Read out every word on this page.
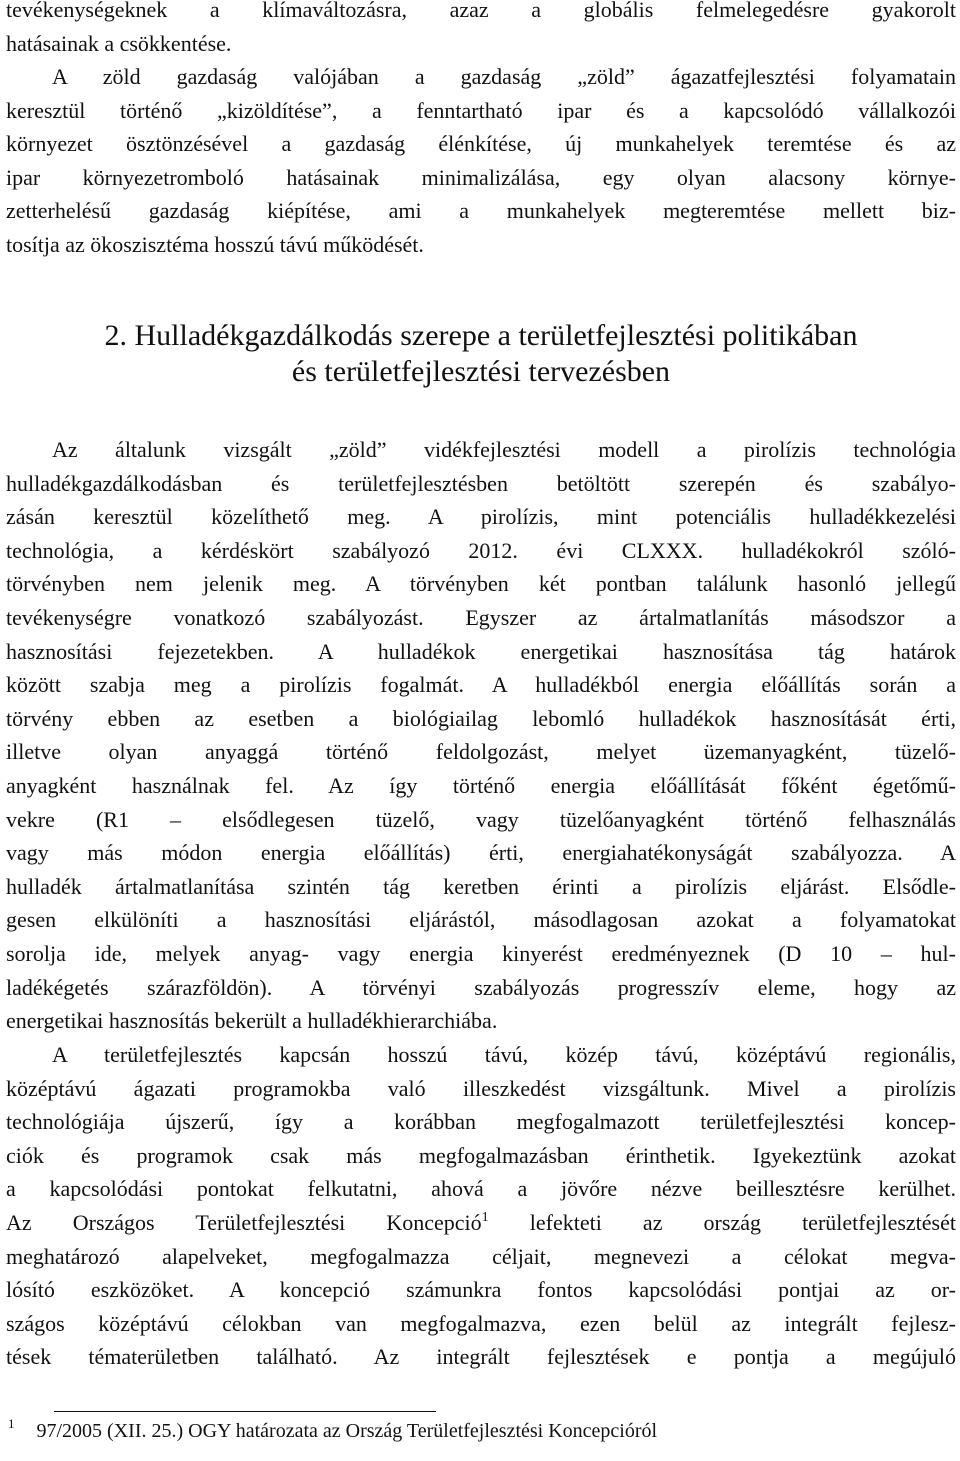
tevékenységeknek a klímaváltozásra, azaz a globális felmelegedésre gyakorolt
hatásainak a csökkentése.
A zöld gazdaság valójában a gazdaság „zöld” ágazatfejlesztési folyamatain
keresztül történő „kizöldítése”, a fenntartható ipar és a kapcsolódó vállalkozói
környezet ösztönzésével a gazdaság élénkítése, új munkahelyek teremtése és az
ipar környezetromboló hatásainak minimalizálása, egy olyan alacsony környe-
zetterhelésű gazdaság kiépítése, ami a munkahelyek megteremtése mellett biz-
tosítja az ökoszisztéma hosszú távú működését.
2. Hulladékgazdálkodás szerepe a területfejlesztési politikában
és területfejlesztési tervezésben
Az általunk vizsgált „zöld” vidékfejlesztési modell a pirolízis technológia
hulladékgazdálkodásban és területfejlesztésben betöltött szerepén és szabályo-
zásán keresztül közelíthető meg. A pirolízis, mint potenciális hulladékkezelési
technológia, a kérdéskört szabályozó 2012. évi CLXXX. hulladékokról szóló-
törvényben nem jelenik meg. A törvényben két pontban találunk hasonló jellegű
tevékenységre vonatkozó szabályozást. Egyszer az ártalmatlanítás másodszor a
hasznosítási fejezetekben. A hulladékok energetikai hasznosítása tág határok
között szabja meg a pirolízis fogalmát. A hulladékból energia előállítás során a
törvény ebben az esetben a biológiailag lebomló hulladékok hasznosítását érti,
illetve olyan anyaggá történő feldolgozást, melyet üzemanyagként, tüzelő-
anyagként használnak fel. Az így történő energia előállítását főként égetőmű-
vekre (R1 – elsődlegesen tüzelő, vagy tüzelőanyagként történő felhasználás
vagy más módon energia előállítás) érti, energiahatékonyságát szabályozza. A
hulladék ártalmatlanítása szintén tág keretben érinti a pirolízis eljárást. Elsődle-
gesen elkülöníti a hasznosítási eljárástól, másodlagosan azokat a folyamatokat
sorolja ide, melyek anyag- vagy energia kinyerést eredményeznek (D 10 – hul-
ladékégetés szárazföldön). A törvényi szabályozás progresszív eleme, hogy az
energetikai hasznosítás bekerült a hulladékhierarchiába.
A területfejlesztés kapcsán hosszú távú, közép távú, középtávú regionális,
középtávú ágazati programokba való illeszkedést vizsgáltunk. Mivel a pirolízis
technológiája újszerű, így a korábban megfogalmazott területfejlesztési koncep-
ciók és programok csak más megfogalmazásban érinthetik. Igyekeztünk azokat
a kapcsolódási pontokat felkutatni, ahová a jövőre nézve beillesztésre kerülhet.
Az Országos Területfejlesztési Koncepció$^1$ lefekteti az ország területfejlesztését
meghatározó alapelveket, megfogalmazza céljait, megnevezi a célokat megva-
lósító eszközöket. A koncepció számunkra fontos kapcsolódási pontjai az or-
szágos középtávú célokban van megfogalmazva, ezen belül az integrált fejlesz-
tések tématerületben található. Az integrált fejlesztések e pontja a megújuló
$^1$ 97/2005 (XII. 25.) OGY határozata az Ország Területfejlesztési Koncepcióról
